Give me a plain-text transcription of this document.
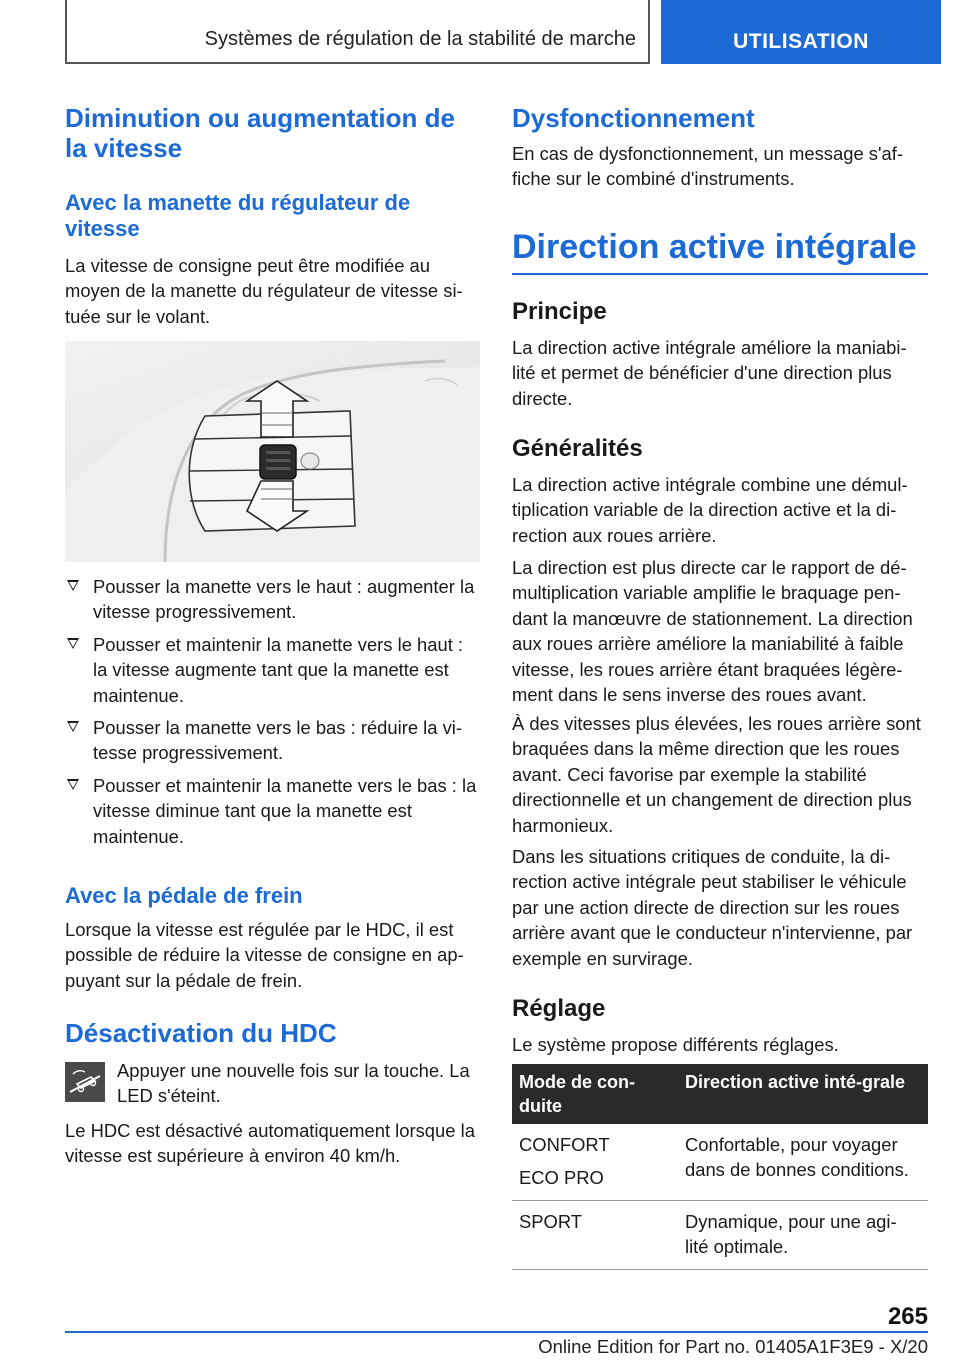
Systèmes de régulation de la stabilité de marche	UTILISATION
Diminution ou augmentation de la vitesse
Avec la manette du régulateur de vitesse

La vitesse de consigne peut être modifiée au moyen de la manette du régulateur de vitesse si-tuée sur le volant.

Pousser la manette vers le haut : augmenter la vitesse progressivement.
Pousser et maintenir la manette vers le haut : la vitesse augmente tant que la manette est maintenue.
Pousser la manette vers le bas : réduire la vi-tesse progressivement.
Pousser et maintenir la manette vers le bas : la vitesse diminue tant que la manette est maintenue.
Avec la pédale de frein

Lorsque la vitesse est régulée par le HDC, il est possible de réduire la vitesse de consigne en ap-puyant sur la pédale de frein.

Désactivation du HDC

Appuyer une nouvelle fois sur la touche. La LED s'éteint.

Le HDC est désactivé automatiquement lorsque la vitesse est supérieure à environ 40 km/h.

Dysfonctionnement

En cas de dysfonctionnement, un message s'af-fiche sur le combiné d'instruments.

Direction active intégrale
Principe

La direction active intégrale améliore la maniabi-lité et permet de bénéficier d'une direction plus directe.

Généralités

La direction active intégrale combine une démul-tiplication variable de la direction active et la di-rection aux roues arrière.

La direction est plus directe car le rapport de dé-multiplication variable amplifie le braquage pen-dant la manœuvre de stationnement. La direction aux roues arrière améliore la maniabilité à faible vitesse, les roues arrière étant braquées légère-ment dans le sens inverse des roues avant.

À des vitesses plus élevées, les roues arrière sont braquées dans la même direction que les roues avant. Ceci favorise par exemple la stabilité directionnelle et un changement de direction plus harmonieux.

Dans les situations critiques de conduite, la di-rection active intégrale peut stabiliser le véhicule par une action directe de direction sur les roues arrière avant que le conducteur n'intervienne, par exemple en survirage.

Réglage

Le système propose différents réglages.

Mode de con-duite	Direction active inté-grale

CONFORT
ECO PRO	Confortable, pour voyager dans de bonnes conditions.

SPORT	Dynamique, pour une agi-lité optimale.
265
Online Edition for Part no. 01405A1F3E9 - X/20
